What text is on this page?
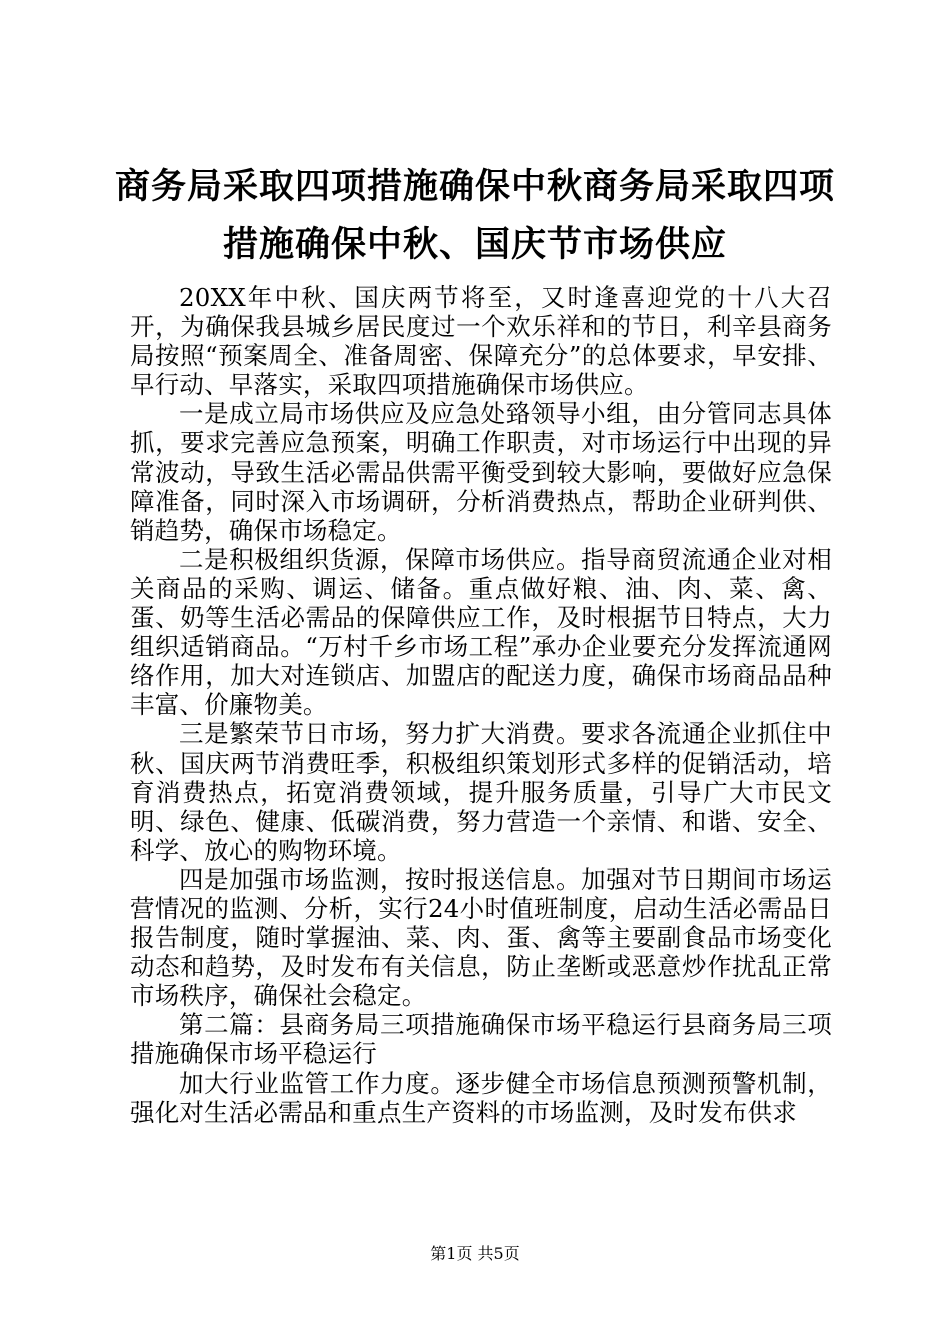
商务局采取四项措施确保中秋商务局采取四项
措施确保中秋、国庆节市场供应

20XX年中秋、国庆两节将至，又时逢喜迎党的十八大召开，为确保我县城乡居民度过一个欢乐祥和的节日，利辛县商务局按照“预案周全、准备周密、保障充分”的总体要求，早安排、早行动、早落实，采取四项措施确保市场供应。

一是成立局市场供应及应急处臵领导小组，由分管同志具体抓，要求完善应急预案，明确工作职责，对市场运行中出现的异常波动，导致生活必需品供需平衡受到较大影响，要做好应急保障准备，同时深入市场调研，分析消费热点，帮助企业研判供、销趋势，确保市场稳定。

二是积极组织货源，保障市场供应。指导商贸流通企业对相关商品的采购、调运、储备。重点做好粮、油、肉、菜、禽、蛋、奶等生活必需品的保障供应工作，及时根据节日特点，大力组织适销商品。“万村千乡市场工程”承办企业要充分发挥流通网络作用，加大对连锁店、加盟店的配送力度，确保市场商品品种丰富、价廉物美。

三是繁荣节日市场，努力扩大消费。要求各流通企业抓住中秋、国庆两节消费旺季，积极组织策划形式多样的促销活动，培育消费热点，拓宽消费领域，提升服务质量，引导广大市民文明、绿色、健康、低碳消费，努力营造一个亲情、和谐、安全、科学、放心的购物环境。

四是加强市场监测，按时报送信息。加强对节日期间市场运营情况的监测、分析，实行24小时值班制度，启动生活必需品日报告制度，随时掌握油、菜、肉、蛋、禽等主要副食品市场变化动态和趋势，及时发布有关信息，防止垄断或恶意炒作扰乱正常市场秩序，确保社会稳定。

第二篇：县商务局三项措施确保市场平稳运行县商务局三项措施确保市场平稳运行

加大行业监管工作力度。逐步健全市场信息预测预警机制，强化对生活必需品和重点生产资料的市场监测，及时发布供求

第1页 共5页
